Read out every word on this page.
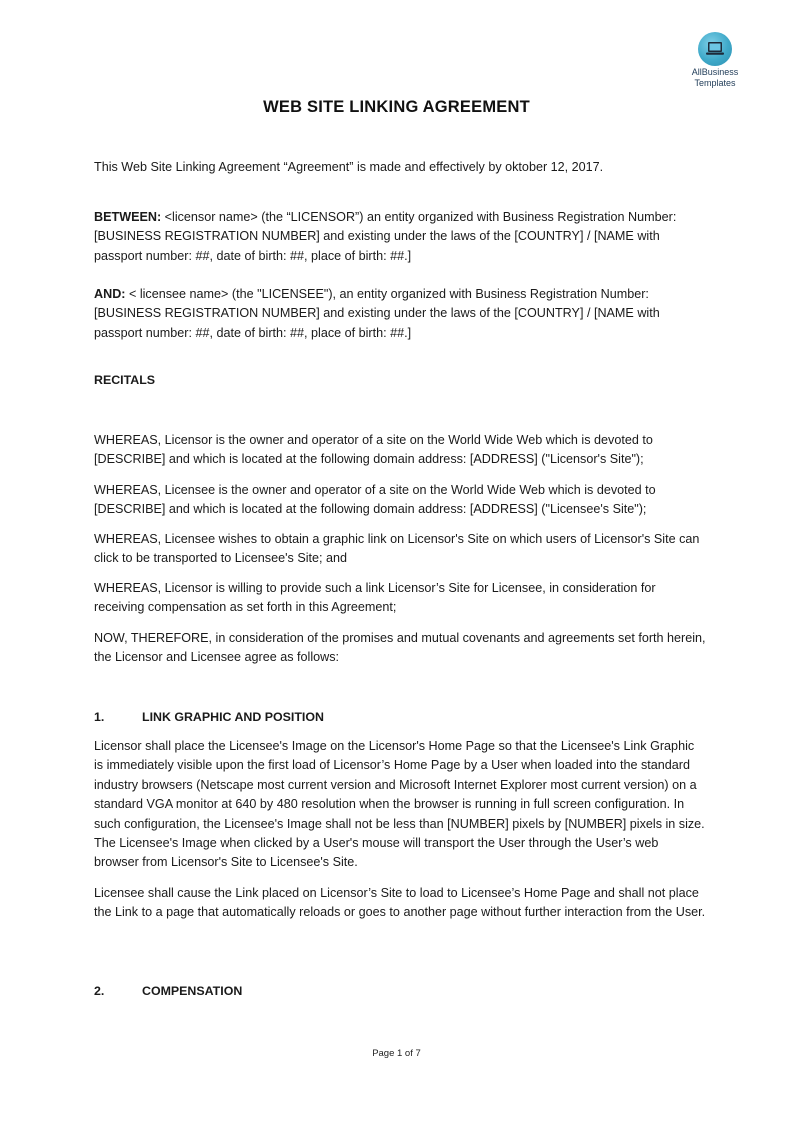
AllBusiness
Templates
WEB SITE LINKING AGREEMENT
This Web Site Linking Agreement “Agreement” is made and effectively by oktober 12, 2017.
BETWEEN: <licensor name> (the “LICENSOR”) an entity organized with Business Registration Number: [BUSINESS REGISTRATION NUMBER] and existing under the laws of the [COUNTRY] / [NAME with passport number: ##, date of birth: ##, place of birth: ##.]
AND: < licensee name> (the "LICENSEE"), an entity organized with Business Registration Number: [BUSINESS REGISTRATION NUMBER] and existing under the laws of the [COUNTRY] / [NAME with passport number: ##, date of birth: ##, place of birth: ##.]
RECITALS
WHEREAS, Licensor is the owner and operator of a site on the World Wide Web which is devoted to [DESCRIBE] and which is located at the following domain address: [ADDRESS] ("Licensor's Site");
WHEREAS, Licensee is the owner and operator of a site on the World Wide Web which is devoted to [DESCRIBE] and which is located at the following domain address: [ADDRESS] ("Licensee's Site");
WHEREAS, Licensee wishes to obtain a graphic link on Licensor's Site on which users of Licensor's Site can click to be transported to Licensee's Site; and
WHEREAS, Licensor is willing to provide such a link Licensor’s Site for Licensee, in consideration for receiving compensation as set forth in this Agreement;
NOW, THEREFORE, in consideration of the promises and mutual covenants and agreements set forth herein, the Licensor and Licensee agree as follows:
1.	LINK GRAPHIC AND POSITION
Licensor shall place the Licensee's Image on the Licensor's Home Page so that the Licensee's Link Graphic is immediately visible upon the first load of Licensor’s Home Page by a User when loaded into the standard industry browsers (Netscape most current version and Microsoft Internet Explorer most current version) on a standard VGA monitor at 640 by 480 resolution when the browser is running in full screen configuration. In such configuration, the Licensee's Image shall not be less than [NUMBER] pixels by [NUMBER] pixels in size. The Licensee's Image when clicked by a User's mouse will transport the User through the User’s web browser from Licensor's Site to Licensee's Site.
Licensee shall cause the Link placed on Licensor’s Site to load to Licensee’s Home Page and shall not place the Link to a page that automatically reloads or goes to another page without further interaction from the User.
2.	COMPENSATION
Page 1 of 7
